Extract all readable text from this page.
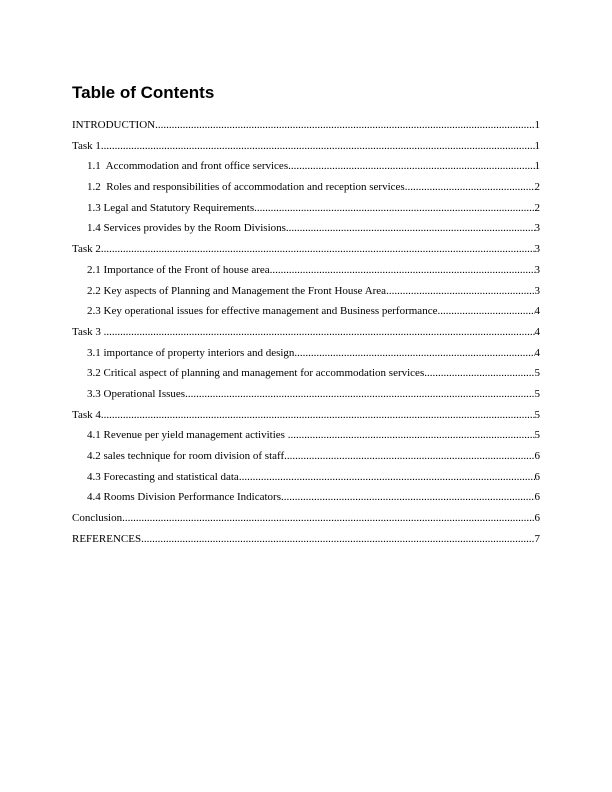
Table of Contents
INTRODUCTION .....	1
Task 1 .....	1
1.1  Accommodation and front office services .....	1
1.2  Roles and responsibilities of accommodation and reception services .....	2
1.3 Legal and Statutory Requirements .....	2
1.4 Services provides by the Room Divisions .....	3
Task 2 .....	3
2.1 Importance of the Front of house area .....	3
2.2 Key aspects of Planning and Management the Front House Area .....	3
2.3 Key operational issues for effective management and Business performance .....	4
Task 3 .....	4
3.1 importance of property interiors and design .....	4
3.2 Critical aspect of planning and management for accommodation services .....	5
3.3 Operational Issues .....	5
Task 4 .....	5
4.1 Revenue per yield management activities .....	5
4.2 sales technique for room division of staff .....	6
4.3 Forecasting and statistical data .....	6
4.4 Rooms Division Performance Indicators .....	6
Conclusion .....	6
REFERENCES .....	7
